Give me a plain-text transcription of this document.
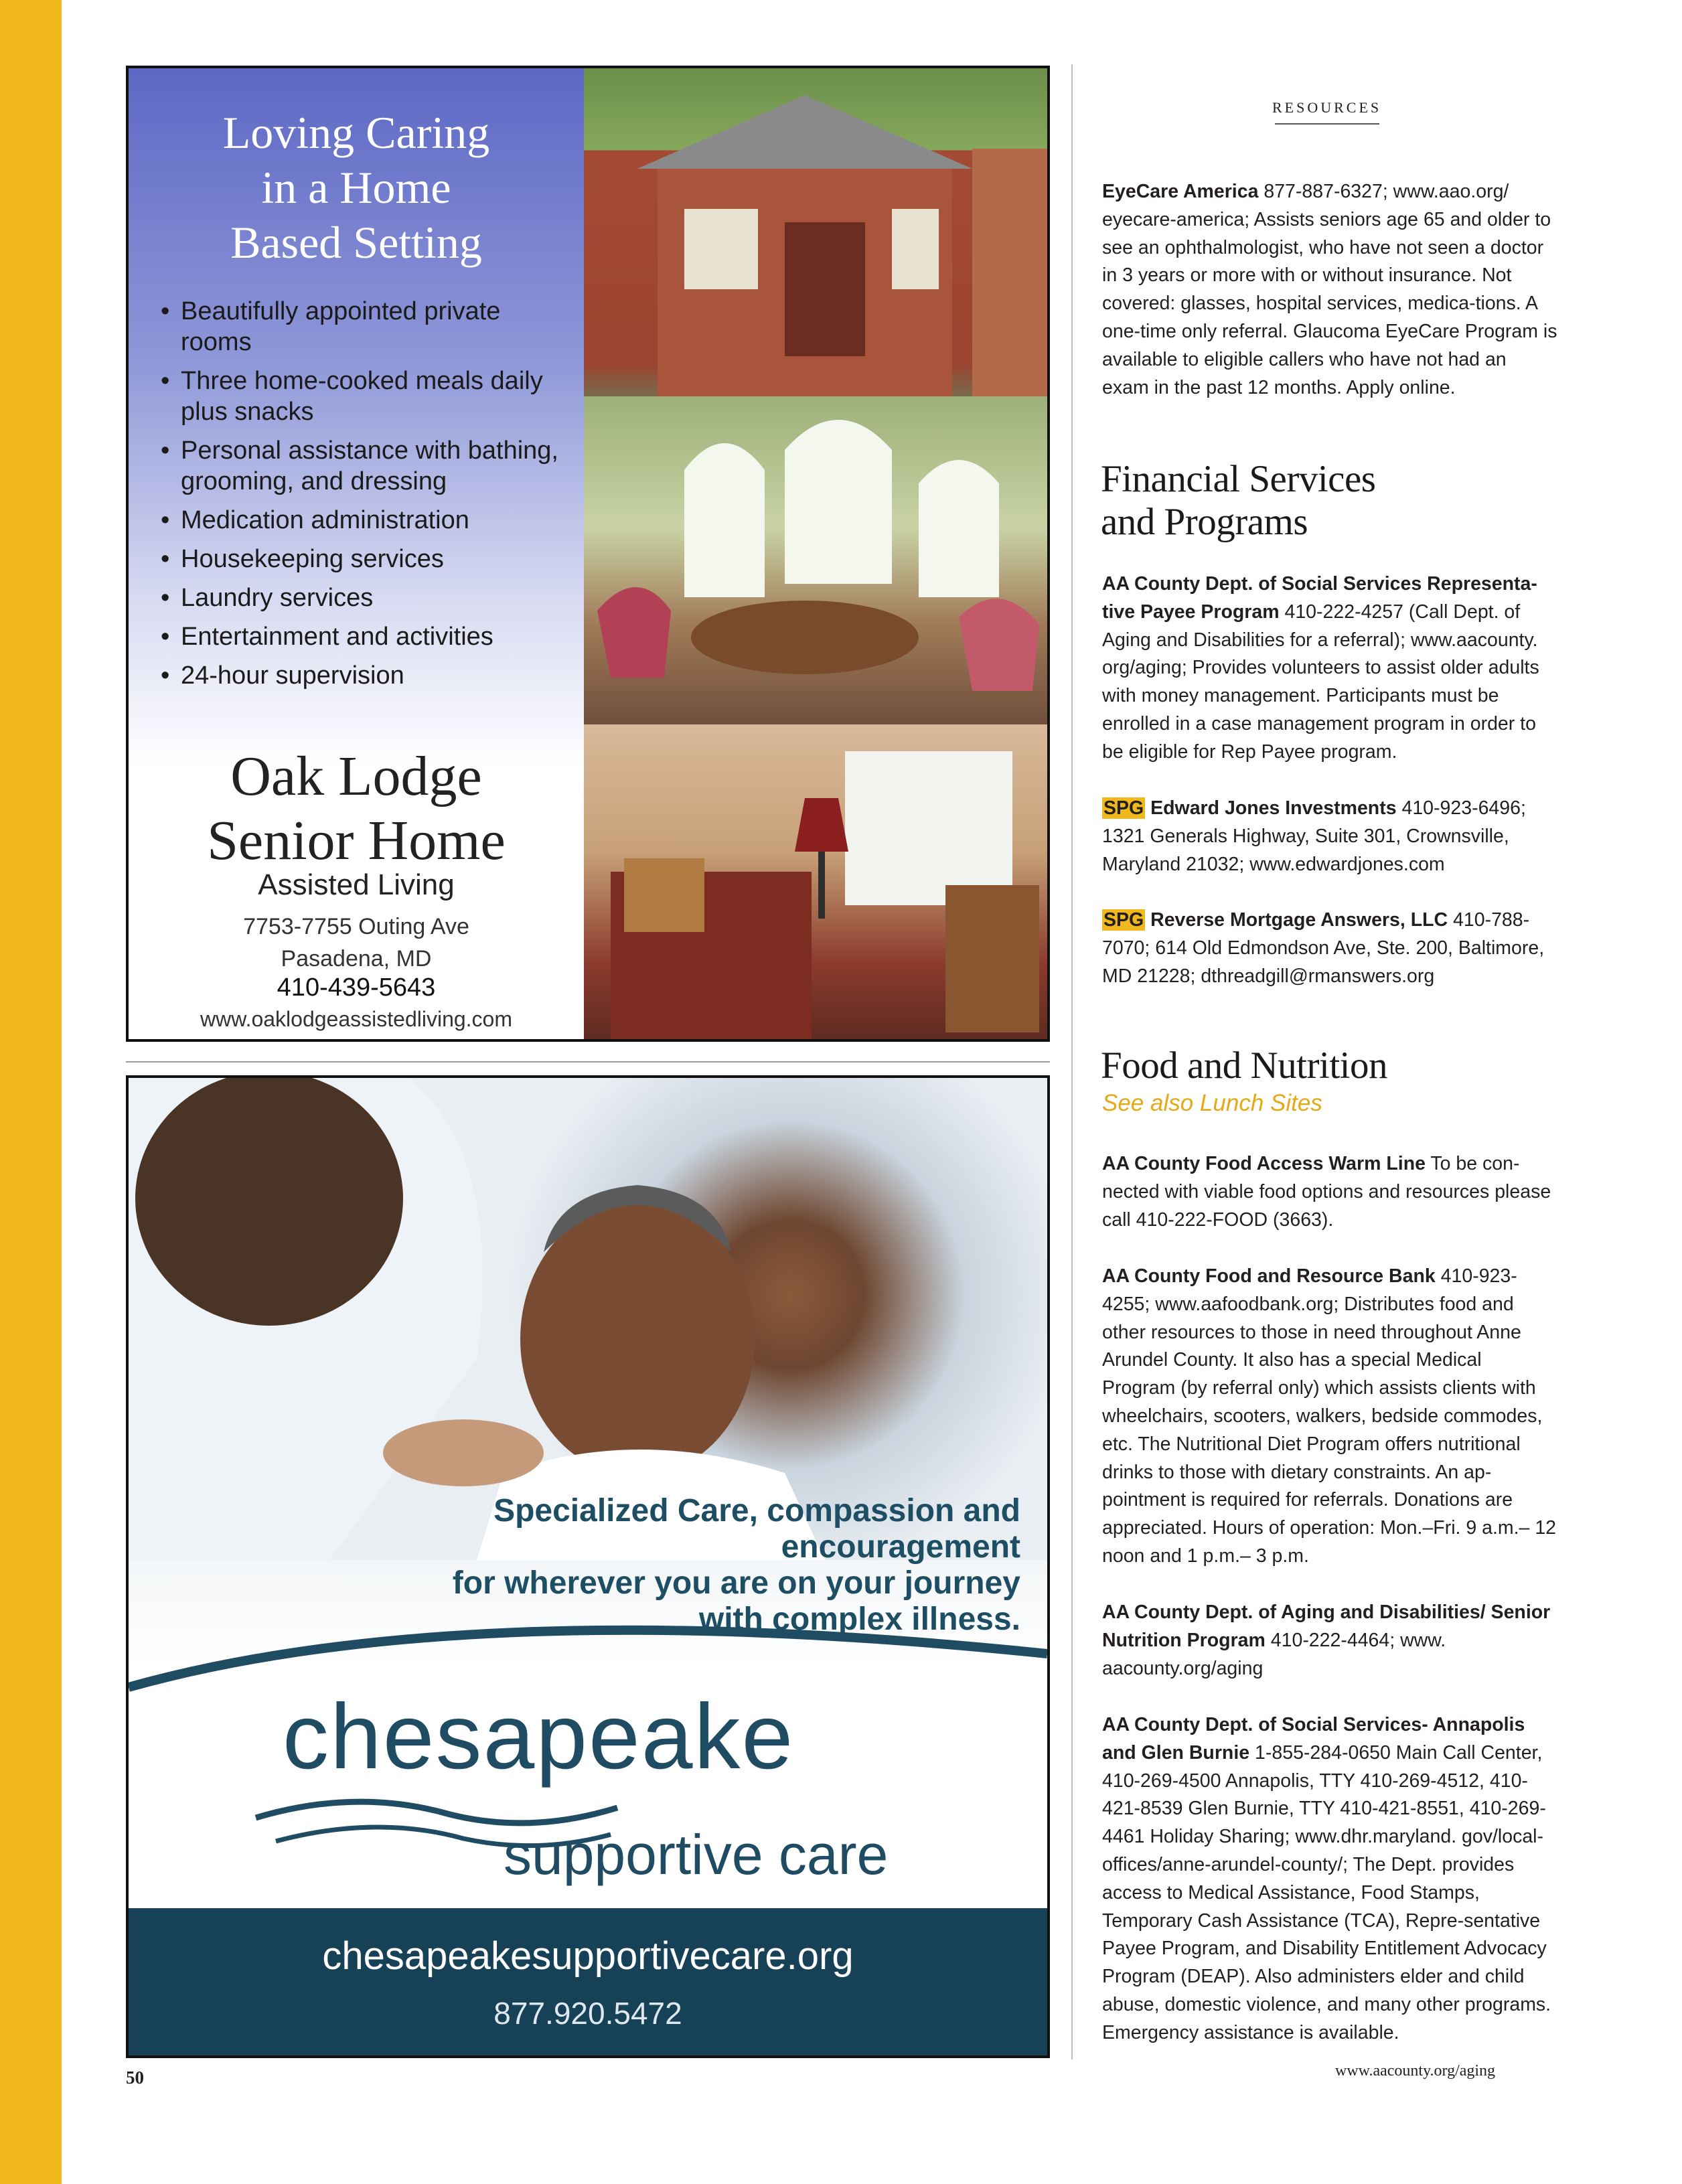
Loving Caring
in a Home
Based Setting
• Beautifully appointed private rooms
• Three home-cooked meals daily plus snacks
• Personal assistance with bathing, grooming, and dressing
• Medication administration
• Housekeeping services
• Laundry services
• Entertainment and activities
• 24-hour supervision
Oak Lodge
Senior Home
Assisted Living
7753-7755 Outing Ave
Pasadena, MD
410-439-5643
www.oaklodgeassistedliving.com
Specialized Care, compassion and encouragement
for wherever you are on your journey
with complex illness.
chesapeake
supportive care
chesapeakesupportivecare.org
877.920.5472
RESOURCES

EyeCare America 877-887-6327; www.aao.org/ eyecare-america; Assists seniors age 65 and older to see an ophthalmologist, who have not seen a doctor in 3 years or more with or without insurance. Not covered: glasses, hospital services, medica-tions. A one-time only referral. Glaucoma EyeCare Program is available to eligible callers who have not had an exam in the past 12 months. Apply online.

Financial Services
and Programs

AA County Dept. of Social Services Representa-tive Payee Program 410-222-4257 (Call Dept. of Aging and Disabilities for a referral); www.aacounty. org/aging; Provides volunteers to assist older adults with money management. Participants must be enrolled in a case management program in order to be eligible for Rep Payee program.

SPG Edward Jones Investments 410-923-6496; 1321 Generals Highway, Suite 301, Crownsville, Maryland 21032; www.edwardjones.com

SPG Reverse Mortgage Answers, LLC 410-788-7070; 614 Old Edmondson Ave, Ste. 200, Baltimore, MD 21228; dthreadgill@rmanswers.org

Food and Nutrition
See also Lunch Sites

AA County Food Access Warm Line To be con-nected with viable food options and resources please call 410-222-FOOD (3663).

AA County Food and Resource Bank 410-923-4255; www.aafoodbank.org; Distributes food and other resources to those in need throughout Anne Arundel County. It also has a special Medical Program (by referral only) which assists clients with wheelchairs, scooters, walkers, bedside commodes, etc. The Nutritional Diet Program offers nutritional drinks to those with dietary constraints. An ap-pointment is required for referrals. Donations are appreciated. Hours of operation: Mon.–Fri. 9 a.m.– 12 noon and 1 p.m.– 3 p.m.

AA County Dept. of Aging and Disabilities/ Senior Nutrition Program 410-222-4464; www. aacounty.org/aging

AA County Dept. of Social Services- Annapolis and Glen Burnie 1-855-284-0650 Main Call Center, 410-269-4500 Annapolis, TTY 410-269-4512, 410-421-8539 Glen Burnie, TTY 410-421-8551, 410-269-4461 Holiday Sharing; www.dhr.maryland. gov/local-offices/anne-arundel-county/; The Dept. provides access to Medical Assistance, Food Stamps, Temporary Cash Assistance (TCA), Repre-sentative Payee Program, and Disability Entitlement Advocacy Program (DEAP). Also administers elder and child abuse, domestic violence, and many other programs. Emergency assistance is available.

50	www.aacounty.org/aging
